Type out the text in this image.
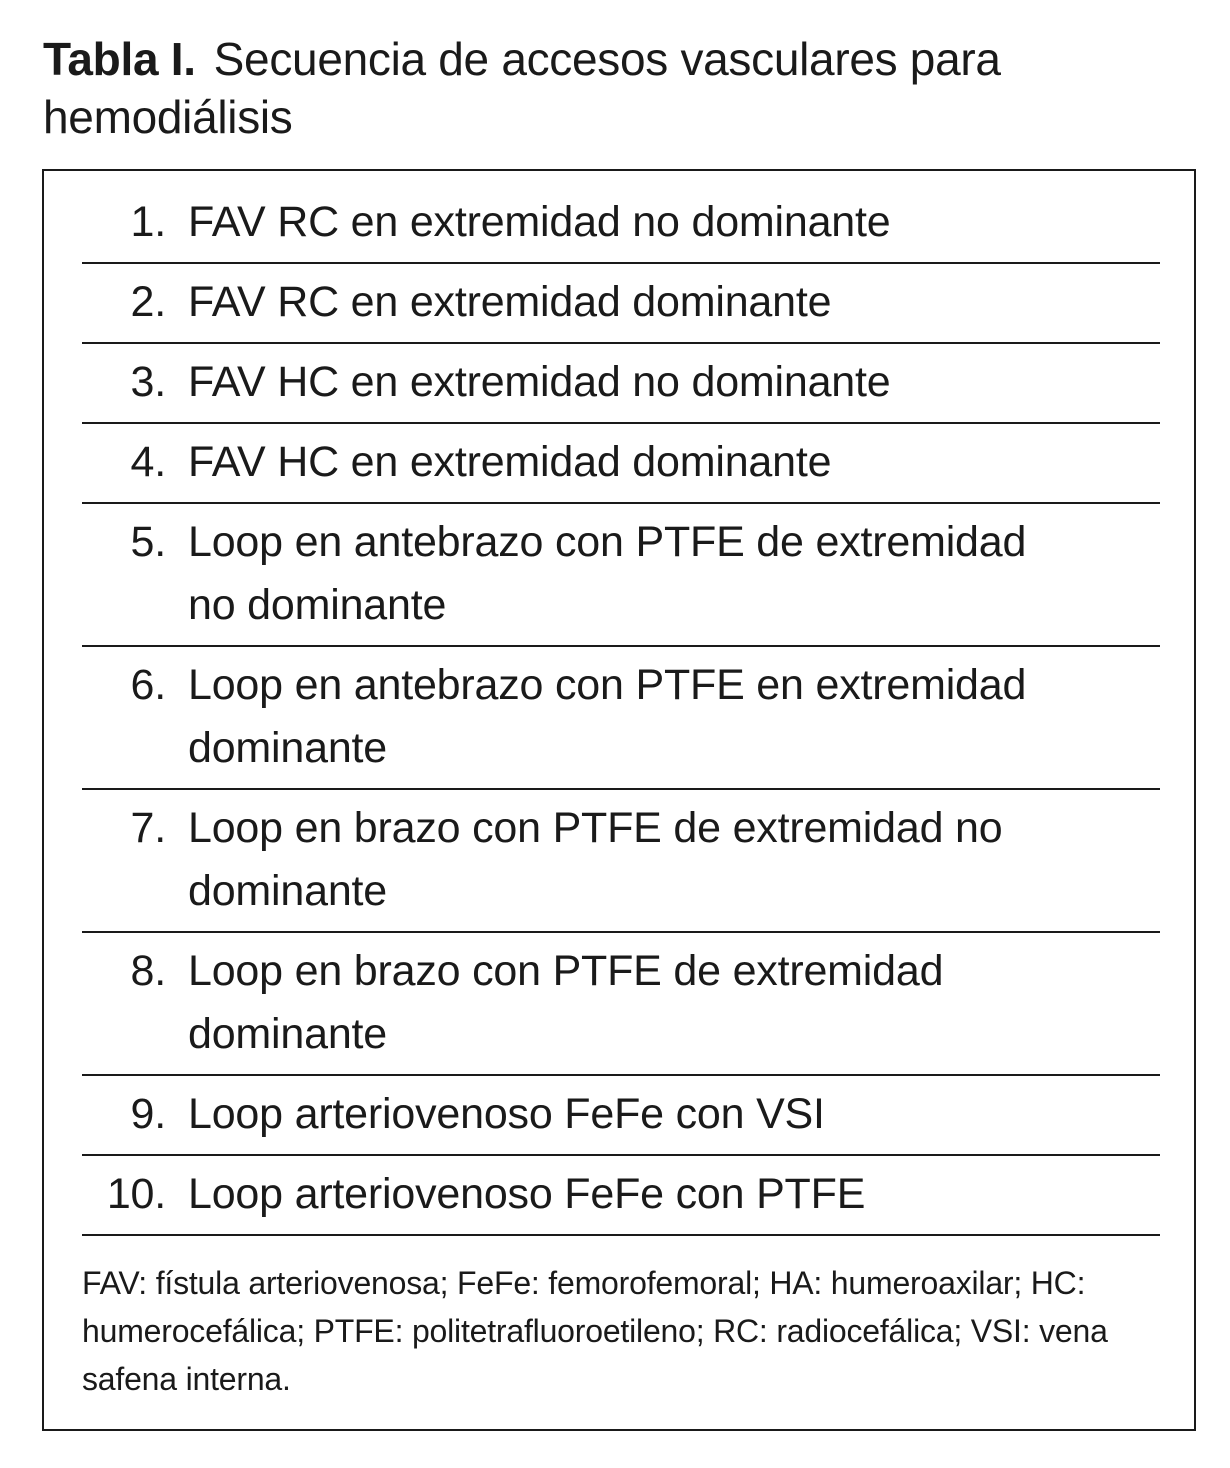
Tabla I. Secuencia de accesos vasculares para hemodiálisis
1. FAV RC en extremidad no dominante
2. FAV RC en extremidad dominante
3. FAV HC en extremidad no dominante
4. FAV HC en extremidad dominante
5. Loop en antebrazo con PTFE de extremidad no dominante
6. Loop en antebrazo con PTFE en extremidad dominante
7. Loop en brazo con PTFE de extremidad no dominante
8. Loop en brazo con PTFE de extremidad dominante
9. Loop arteriovenoso FeFe con VSI
10. Loop arteriovenoso FeFe con PTFE
FAV: fístula arteriovenosa; FeFe: femorofemoral; HA: humeroaxilar; HC: humerocefálica; PTFE: politetrafluoroetileno; RC: radiocefálica; VSI: vena safena interna.
